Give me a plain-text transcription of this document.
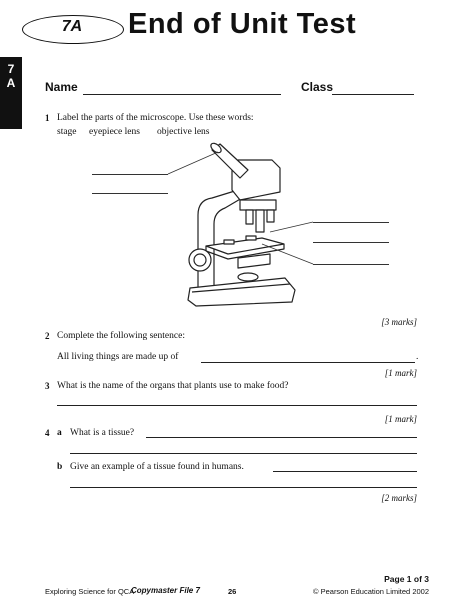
7A	End of Unit Test
7
A	Name	Class
1 Label the parts of the microscope. Use these words:
stage eyepiece lens objective lens
[3 marks]
2 Complete the following sentence:
All living things are made up of	.
[1 mark]
3 What is the name of the organs that plants use to make food?
[1 mark]
4 a What is a tissue?
b Give an example of a tissue found in humans.
[2 marks]
Page 1 of 3
Exploring Science for QCA
Copymaster File 7	26	© Pearson Education Limited 2002
